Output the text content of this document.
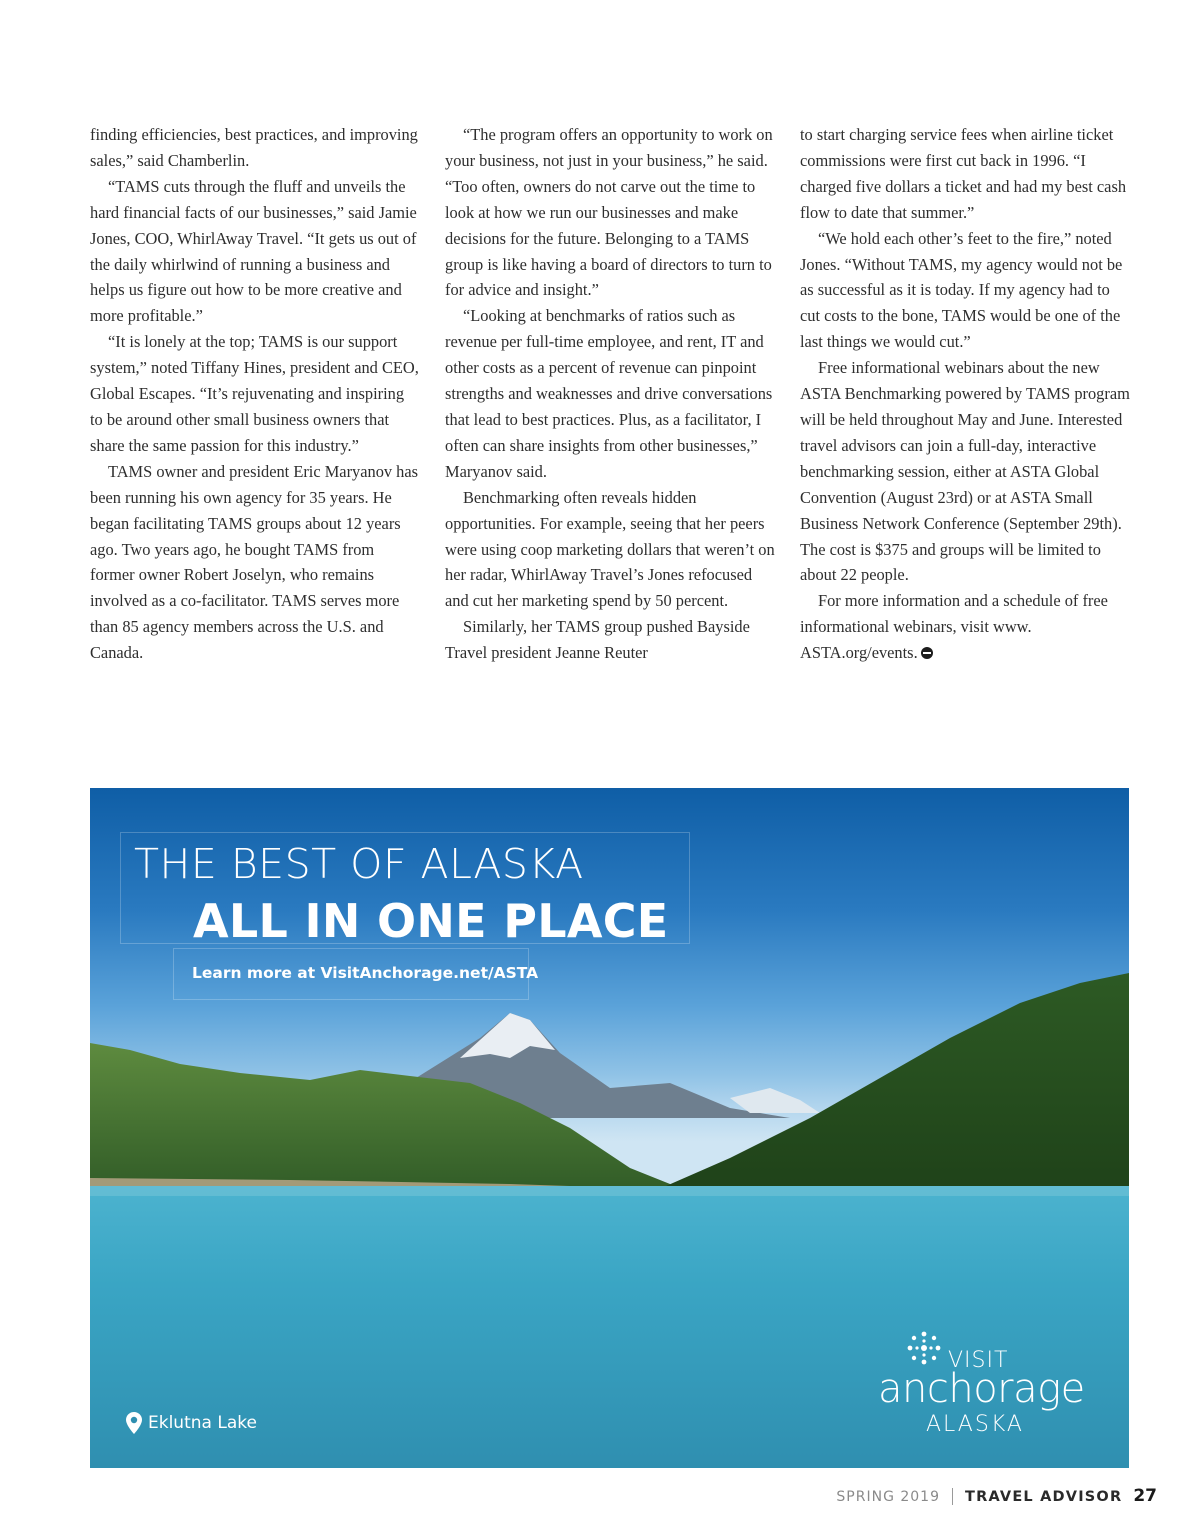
finding efficiencies, best practices, and improving sales,” said Chamberlin.

“TAMS cuts through the fluff and unveils the hard financial facts of our businesses,” said Jamie Jones, COO, WhirlAway Travel. “It gets us out of the daily whirlwind of running a business and helps us figure out how to be more creative and more profitable.”

“It is lonely at the top; TAMS is our support system,” noted Tiffany Hines, president and CEO, Global Escapes. “It’s rejuvenating and inspiring to be around other small business owners that share the same passion for this industry.”

TAMS owner and president Eric Maryanov has been running his own agency for 35 years. He began facilitating TAMS groups about 12 years ago. Two years ago, he bought TAMS from former owner Robert Joselyn, who remains involved as a co-facilitator. TAMS serves more than 85 agency members across the U.S. and Canada.

“The program offers an opportunity to work on your business, not just in your business,” he said. “Too often, owners do not carve out the time to look at how we run our businesses and make decisions for the future. Belonging to a TAMS group is like having a board of directors to turn to for advice and insight.”

“Looking at benchmarks of ratios such as revenue per full-time employee, and rent, IT and other costs as a percent of revenue can pinpoint strengths and weaknesses and drive conversations that lead to best practices. Plus, as a facilitator, I often can share insights from other businesses,” Maryanov said.

Benchmarking often reveals hidden opportunities. For example, seeing that her peers were using coop marketing dollars that weren’t on her radar, WhirlAway Travel’s Jones refocused and cut her marketing spend by 50 percent.

Similarly, her TAMS group pushed Bayside Travel president Jeanne Reuter

to start charging service fees when airline ticket commissions were first cut back in 1996. “I charged five dollars a ticket and had my best cash flow to date that summer.”

“We hold each other’s feet to the fire,” noted Jones. “Without TAMS, my agency would not be as successful as it is today. If my agency had to cut costs to the bone, TAMS would be one of the last things we would cut.”

Free informational webinars about the new ASTA Benchmarking powered by TAMS program will be held throughout May and June. Interested travel advisors can join a full-day, interactive benchmarking session, either at ASTA Global Convention (August 23rd) or at ASTA Small Business Network Conference (September 29th). The cost is $375 and groups will be limited to about 22 people.

For more information and a schedule of free informational webinars, visit www. ASTA.org/events.

THE BEST OF ALASKA
ALL IN ONE PLACE
Learn more at VisitAnchorage.net/ASTA
Eklutna Lake
VISIT
anchorage
ALASKA
SPRING 2019 TRAVEL ADVISOR 27
